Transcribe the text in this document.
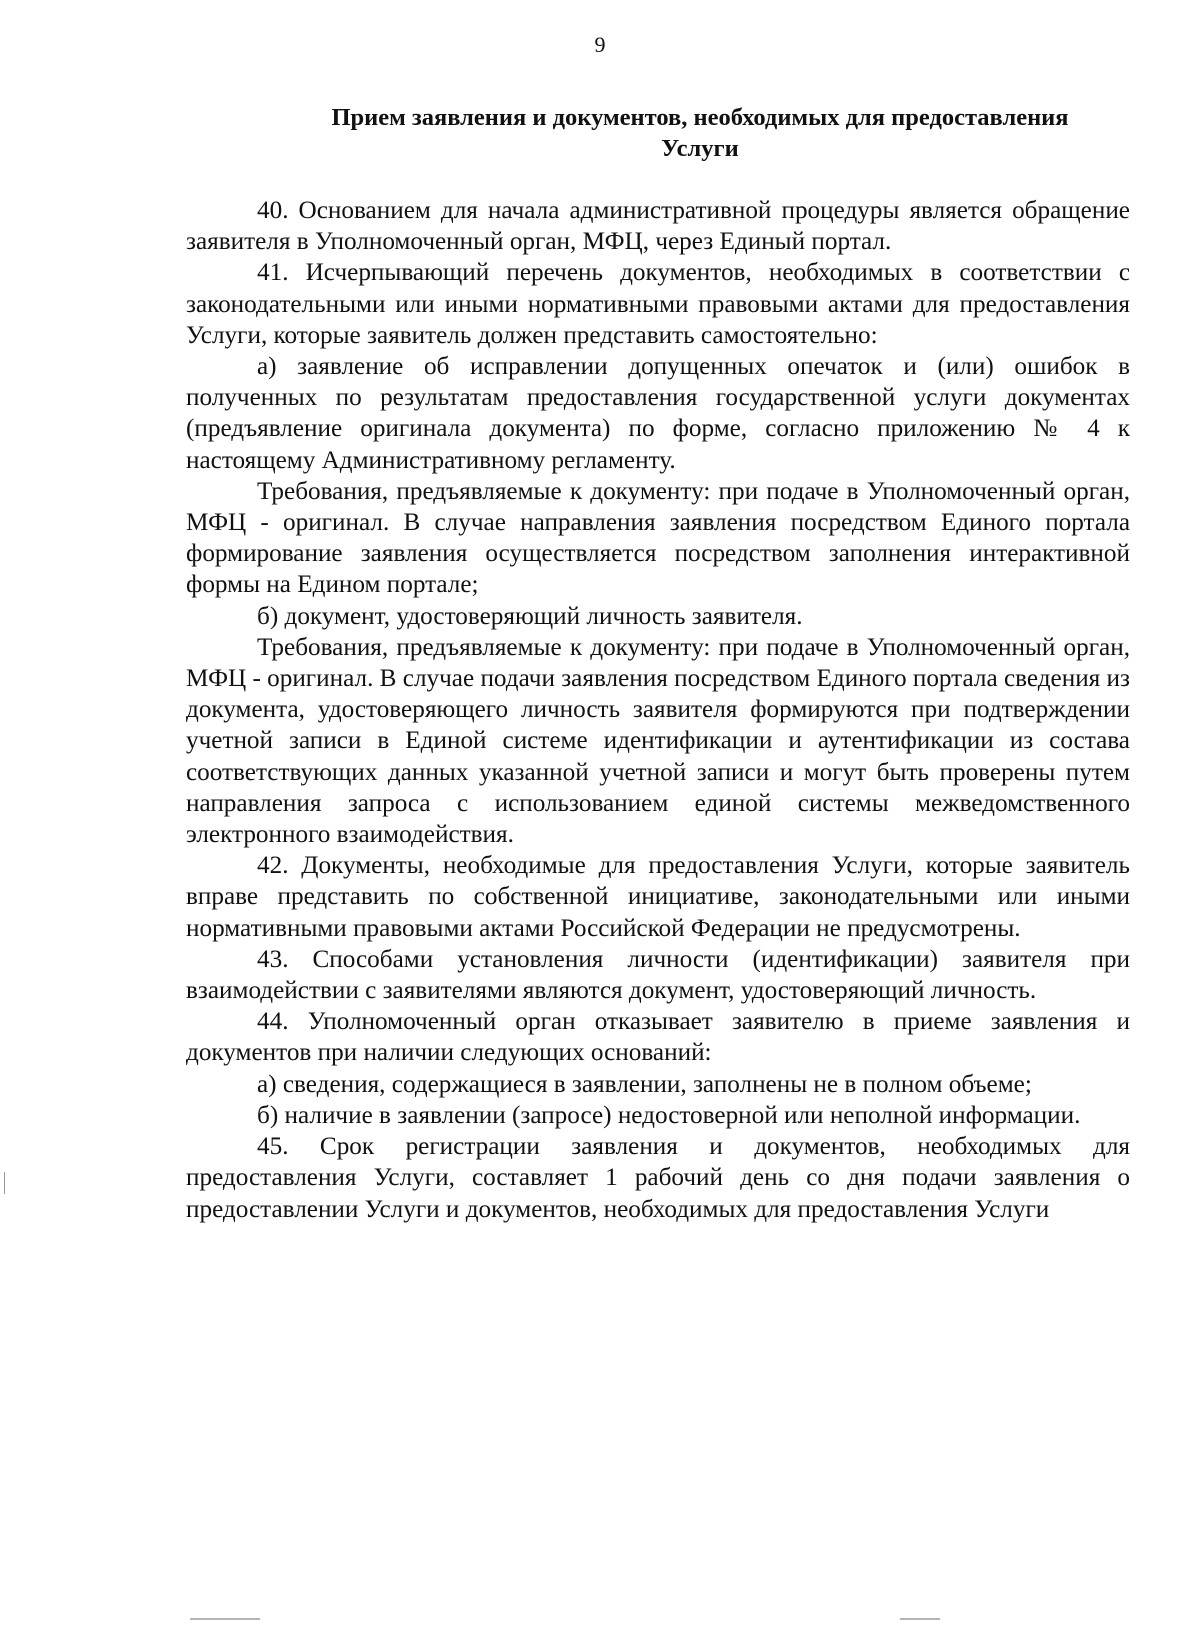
9
Прием заявления и документов, необходимых для предоставления
Услуги

40. Основанием для начала административной процедуры является обращение заявителя в Уполномоченный орган, МФЦ, через Единый портал.

41. Исчерпывающий перечень документов, необходимых в соответствии с законодательными или иными нормативными правовыми актами для предоставления Услуги, которые заявитель должен представить самостоятельно:

а) заявление об исправлении допущенных опечаток и (или) ошибок в полученных по результатам предоставления государственной услуги документах (предъявление оригинала документа) по форме, согласно приложению № 4 к настоящему Административному регламенту.

Требования, предъявляемые к документу: при подаче в Уполномоченный орган, МФЦ - оригинал. В случае направления заявления посредством Единого портала формирование заявления осуществляется посредством заполнения интерактивной формы на Едином портале;

б) документ, удостоверяющий личность заявителя.

Требования, предъявляемые к документу: при подаче в Уполномоченный орган, МФЦ - оригинал. В случае подачи заявления посредством Единого портала сведения из документа, удостоверяющего личность заявителя формируются при подтверждении учетной записи в Единой системе идентификации и аутентификации из состава соответствующих данных указанной учетной записи и могут быть проверены путем направления запроса с использованием единой системы межведомственного электронного взаимодействия.

42. Документы, необходимые для предоставления Услуги, которые заявитель вправе представить по собственной инициативе, законодательными или иными нормативными правовыми актами Российской Федерации не предусмотрены.

43. Способами установления личности (идентификации) заявителя при взаимодействии с заявителями являются документ, удостоверяющий личность.

44. Уполномоченный орган отказывает заявителю в приеме заявления и документов при наличии следующих оснований:

а) сведения, содержащиеся в заявлении, заполнены не в полном объеме;

б) наличие в заявлении (запросе) недостоверной или неполной информации.

45. Срок регистрации заявления и документов, необходимых для предоставления Услуги, составляет 1 рабочий день со дня подачи заявления о предоставлении Услуги и документов, необходимых для предоставления Услуги
